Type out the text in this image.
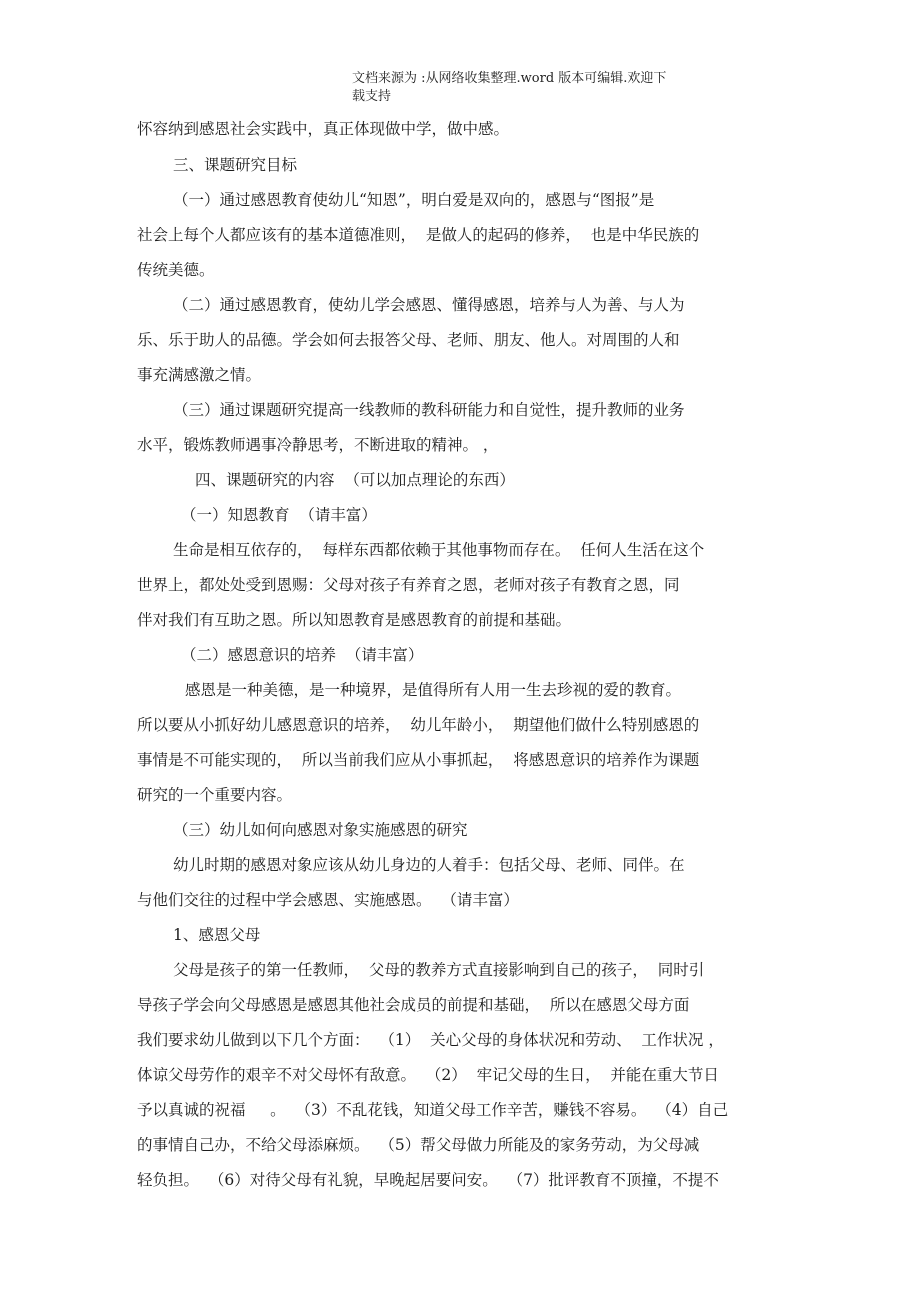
文档来源为 :从网络收集整理.word 版本可编辑.欢迎下
载支持
怀容纳到感恩社会实践中，真正体现做中学，做中感。
三、课题研究目标
（一）通过感恩教育使幼儿“知恩”，明白爱是双向的，感恩与“图报”是
社会上每个人都应该有的基本道德准则，  是做人的起码的修养，  也是中华民族的
传统美德。
（二）通过感恩教育，使幼儿学会感恩、懂得感恩，培养与人为善、与人为
乐、乐于助人的品德。学会如何去报答父母、老师、朋友、他人。对周围的人和
事充满感激之情。
（三）通过课题研究提高一线教师的教科研能力和自觉性，提升教师的业务
水平，锻炼教师遇事冷静思考，不断进取的精神。 ，
四、课题研究的内容  （可以加点理论的东西）
（一）知恩教育  （请丰富）
生命是相互依存的，  每样东西都依赖于其他事物而存在。  任何人生活在这个
世界上，都处处受到恩赐：父母对孩子有养育之恩，老师对孩子有教育之恩，同
伴对我们有互助之恩。所以知恩教育是感恩教育的前提和基础。
（二）感恩意识的培养  （请丰富）
感恩是一种美德，是一种境界，是值得所有人用一生去珍视的爱的教育。
所以要从小抓好幼儿感恩意识的培养，  幼儿年龄小，  期望他们做什么特别感恩的
事情是不可能实现的，  所以当前我们应从小事抓起，  将感恩意识的培养作为课题
研究的一个重要内容。
（三）幼儿如何向感恩对象实施感恩的研究
幼儿时期的感恩对象应该从幼儿身边的人着手：包括父母、老师、同伴。在
与他们交往的过程中学会感恩、实施感恩。  （请丰富）
1、感恩父母
父母是孩子的第一任教师，  父母的教养方式直接影响到自己的孩子，  同时引
导孩子学会向父母感恩是感恩其他社会成员的前提和基础，  所以在感恩父母方面
我们要求幼儿做到以下几个方面：  （1）  关心父母的身体状况和劳动、  工作状况 ，
体谅父母劳作的艰辛不对父母怀有敌意。  （2）  牢记父母的生日，  并能在重大节日
予以真诚的祝福     。  （3）不乱花钱，知道父母工作辛苦，赚钱不容易。  （4）自己
的事情自己办，不给父母添麻烦。  （5）帮父母做力所能及的家务劳动，为父母减
轻负担。  （6）对待父母有礼貌，早晚起居要问安。  （7）批评教育不顶撞，不提不
